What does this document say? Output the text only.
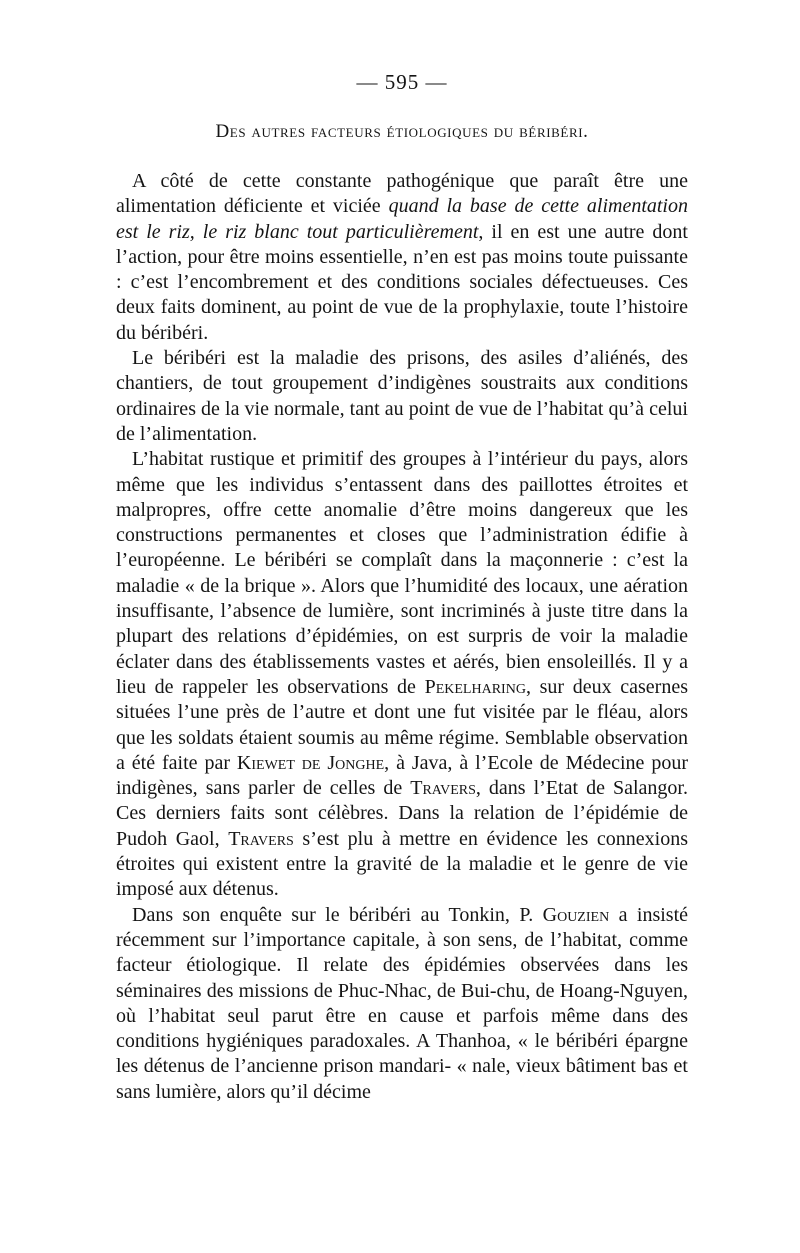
— 595 —
Des autres facteurs étiologiques du béribéri.

A côté de cette constante pathogénique que paraît être une alimentation déficiente et viciée quand la base de cette alimentation est le riz, le riz blanc tout particulièrement, il en est une autre dont l’action, pour être moins essentielle, n’en est pas moins toute puissante : c’est l’encombrement et des conditions sociales défectueuses. Ces deux faits dominent, au point de vue de la prophylaxie, toute l’histoire du béribéri.

Le béribéri est la maladie des prisons, des asiles d’aliénés, des chantiers, de tout groupement d’indigènes soustraits aux conditions ordinaires de la vie normale, tant au point de vue de l’habitat qu’à celui de l’alimentation.

L’habitat rustique et primitif des groupes à l’intérieur du pays, alors même que les individus s’entassent dans des paillottes étroites et malpropres, offre cette anomalie d’être moins dangereux que les constructions permanentes et closes que l’administration édifie à l’européenne. Le béribéri se complaît dans la maçonnerie : c’est la maladie « de la brique ». Alors que l’humidité des locaux, une aération insuffisante, l’absence de lumière, sont incriminés à juste titre dans la plupart des relations d’épidémies, on est surpris de voir la maladie éclater dans des établissements vastes et aérés, bien ensoleillés. Il y a lieu de rappeler les observations de Pekelharing, sur deux casernes situées l’une près de l’autre et dont une fut visitée par le fléau, alors que les soldats étaient soumis au même régime. Semblable observation a été faite par Kiewet de Jonghe, à Java, à l’Ecole de Médecine pour indigènes, sans parler de celles de Travers, dans l’Etat de Salangor. Ces derniers faits sont célèbres. Dans la relation de l’épidémie de Pudoh Gaol, Travers s’est plu à mettre en évidence les connexions étroites qui existent entre la gravité de la maladie et le genre de vie imposé aux détenus.

Dans son enquête sur le béribéri au Tonkin, P. Gouzien a insisté récemment sur l’importance capitale, à son sens, de l’habitat, comme facteur étiologique. Il relate des épidémies observées dans les séminaires des missions de Phuc-Nhac, de Bui-chu, de Hoang-Nguyen, où l’habitat seul parut être en cause et parfois même dans des conditions hygiéniques paradoxales. A Thanhoa, « le béribéri épargne les détenus de l’ancienne prison mandari- « nale, vieux bâtiment bas et sans lumière, alors qu’il décime
